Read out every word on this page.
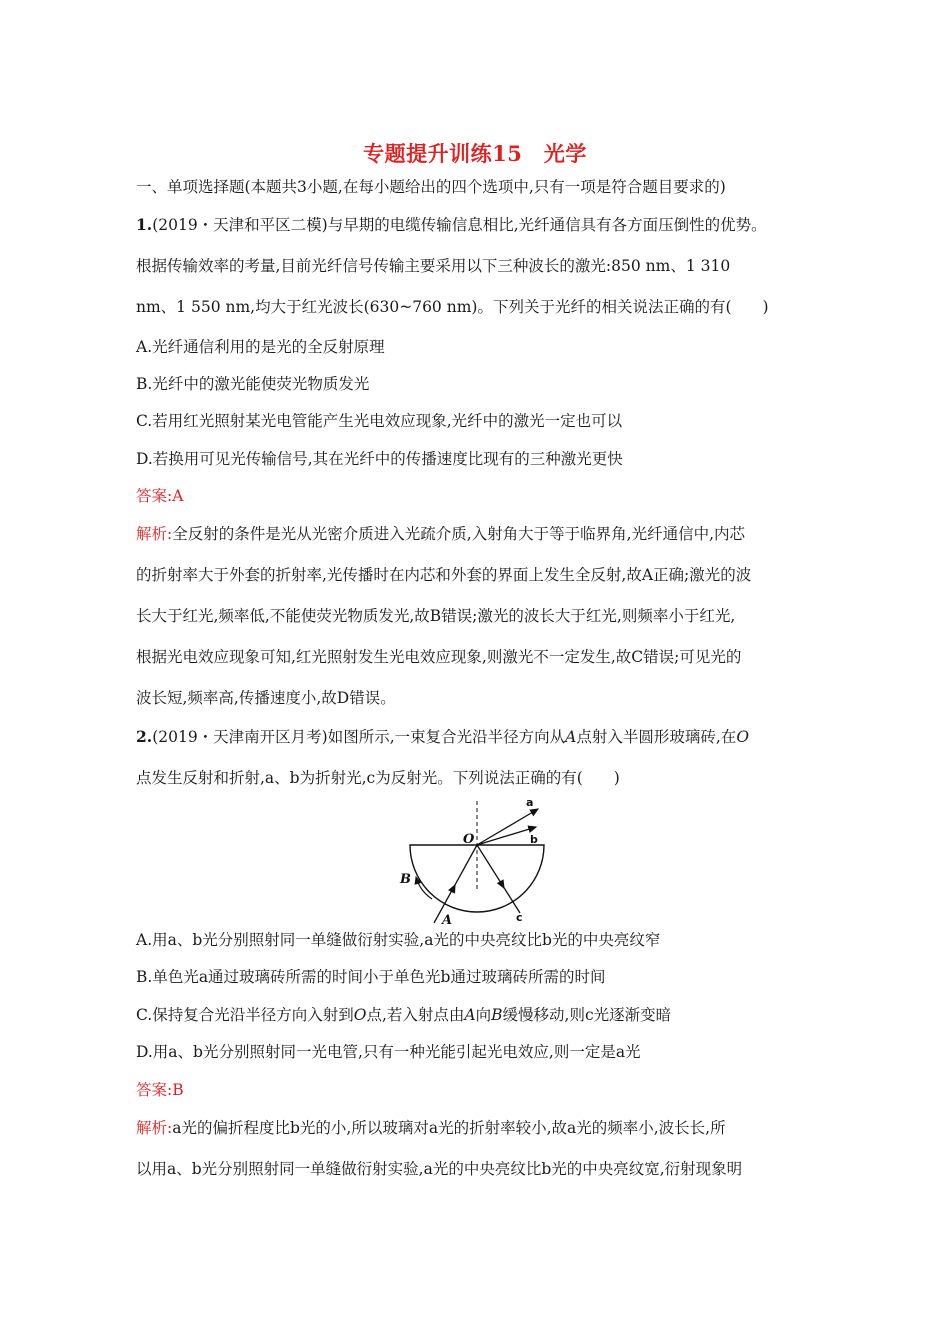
专题提升训练15　光学
一、单项选择题(本题共3小题,在每小题给出的四个选项中,只有一项是符合题目要求的)
1.(2019・天津和平区二模)与早期的电缆传输信息相比,光纤通信具有各方面压倒性的优势。
根据传输效率的考量,目前光纤信号传输主要采用以下三种波长的激光:850 nm、1 310
nm、1 550 nm,均大于红光波长(630~760 nm)。下列关于光纤的相关说法正确的有(　　)
A.光纤通信利用的是光的全反射原理
B.光纤中的激光能使荧光物质发光
C.若用红光照射某光电管能产生光电效应现象,光纤中的激光一定也可以
D.若换用可见光传输信号,其在光纤中的传播速度比现有的三种激光更快
答案:A
解析:全反射的条件是光从光密介质进入光疏介质,入射角大于等于临界角,光纤通信中,内芯
的折射率大于外套的折射率,光传播时在内芯和外套的界面上发生全反射,故A正确;激光的波
长大于红光,频率低,不能使荧光物质发光,故B错误;激光的波长大于红光,则频率小于红光,
根据光电效应现象可知,红光照射发生光电效应现象,则激光不一定发生,故C错误;可见光的
波长短,频率高,传播速度小,故D错误。
2.(2019・天津南开区月考)如图所示,一束复合光沿半径方向从A点射入半圆形玻璃砖,在O
点发生反射和折射,a、b为折射光,c为反射光。下列说法正确的有(　　)
O
a
b
B
A	c
A.用a、b光分别照射同一单缝做衍射实验,a光的中央亮纹比b光的中央亮纹窄
B.单色光a通过玻璃砖所需的时间小于单色光b通过玻璃砖所需的时间
C.保持复合光沿半径方向入射到O点,若入射点由A向B缓慢移动,则c光逐渐变暗
D.用a、b光分别照射同一光电管,只有一种光能引起光电效应,则一定是a光
答案:B
解析:a光的偏折程度比b光的小,所以玻璃对a光的折射率较小,故a光的频率小,波长长,所
以用a、b光分别照射同一单缝做衍射实验,a光的中央亮纹比b光的中央亮纹宽,衍射现象明
